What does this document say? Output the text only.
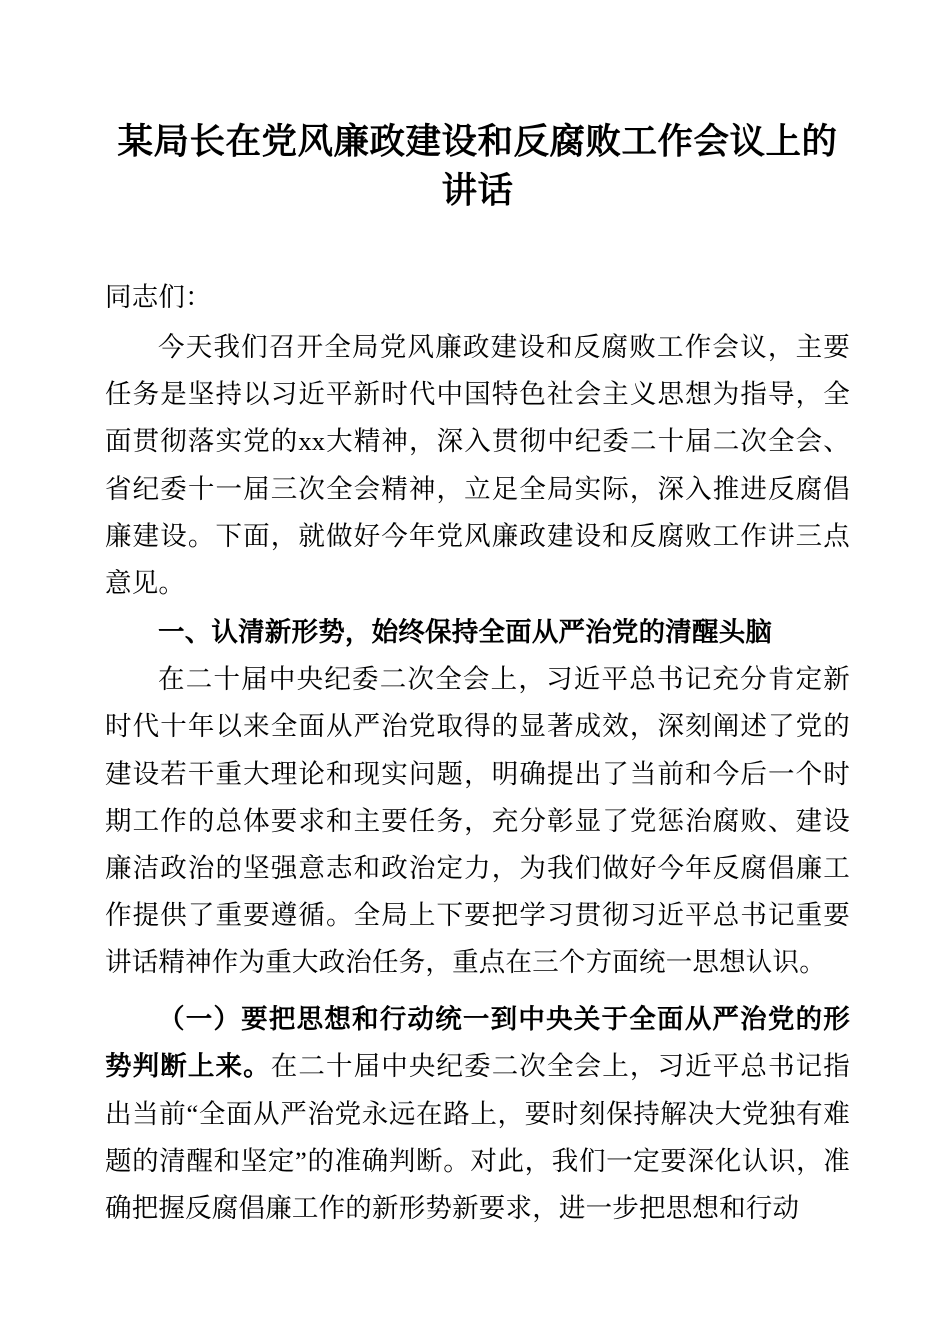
某局长在党风廉政建设和反腐败工作会议上的讲话

同志们：

今天我们召开全局党风廉政建设和反腐败工作会议，主要任务是坚持以习近平新时代中国特色社会主义思想为指导，全面贯彻落实党的xx大精神，深入贯彻中纪委二十届二次全会、省纪委十一届三次全会精神，立足全局实际，深入推进反腐倡廉建设。下面，就做好今年党风廉政建设和反腐败工作讲三点意见。

一、认清新形势，始终保持全面从严治党的清醒头脑

在二十届中央纪委二次全会上，习近平总书记充分肯定新时代十年以来全面从严治党取得的显著成效，深刻阐述了党的建设若干重大理论和现实问题，明确提出了当前和今后一个时期工作的总体要求和主要任务，充分彰显了党惩治腐败、建设廉洁政治的坚强意志和政治定力，为我们做好今年反腐倡廉工作提供了重要遵循。全局上下要把学习贯彻习近平总书记重要讲话精神作为重大政治任务，重点在三个方面统一思想认识。

（一）要把思想和行动统一到中央关于全面从严治党的形势判断上来。在二十届中央纪委二次全会上，习近平总书记指出当前“全面从严治党永远在路上，要时刻保持解决大党独有难题的清醒和坚定”的准确判断。对此，我们一定要深化认识，准确把握反腐倡廉工作的新形势新要求，进一步把思想和行动
